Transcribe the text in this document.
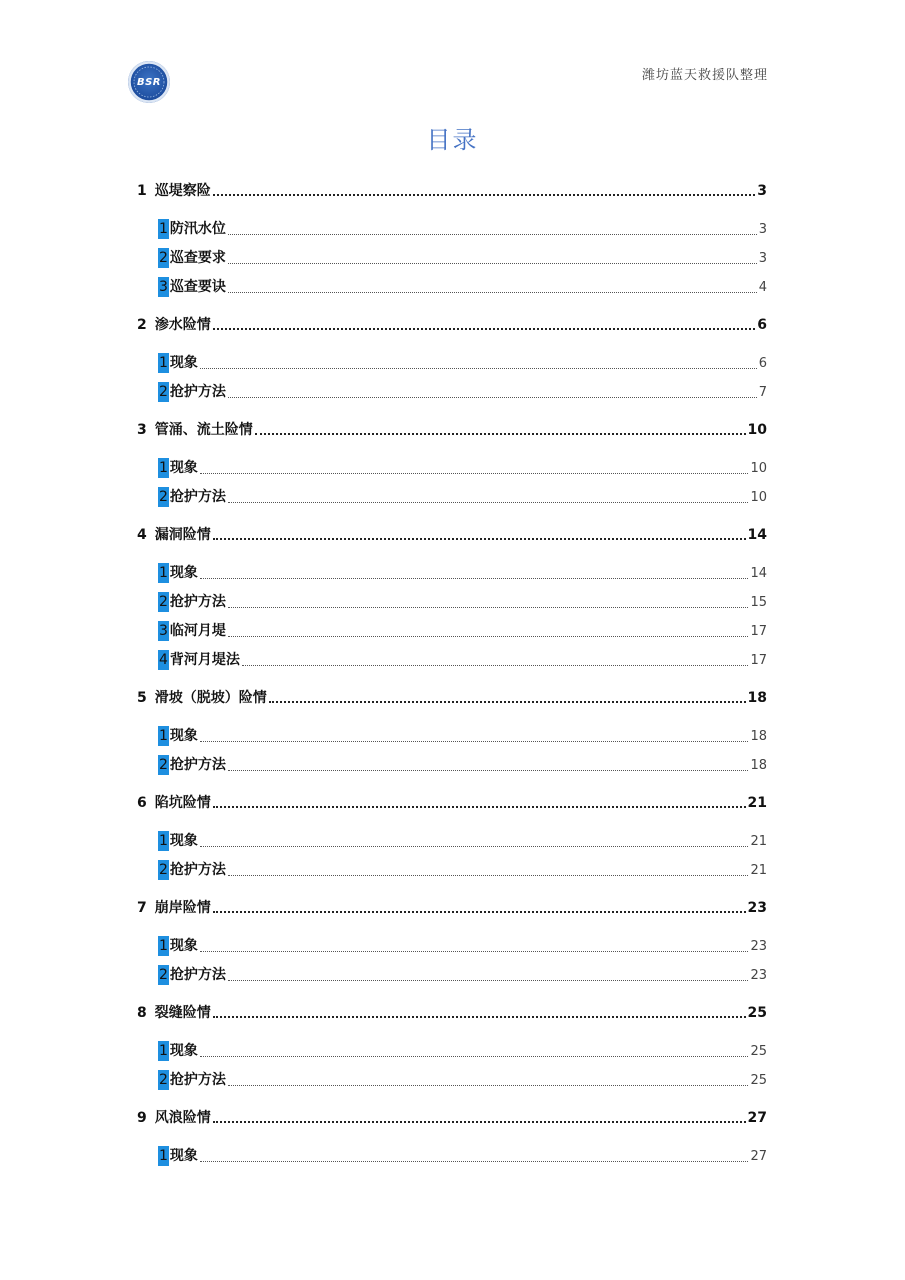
BSR	潍坊蓝天救援队整理
目录
1 巡堤察险	3
1 防汛水位	3
2 巡查要求	3
3 巡查要诀	4
2 渗水险情	6
1 现象	6
2 抢护方法	7
3 管涌、流土险情	10
1 现象	10
2 抢护方法	10
4 漏洞险情	14
1 现象	14
2 抢护方法	15
3 临河月堤	17
4 背河月堤法	17
5 滑坡（脱坡）险情	18
1 现象	18
2 抢护方法	18
6 陷坑险情	21
1 现象	21
2 抢护方法	21
7 崩岸险情	23
1 现象	23
2 抢护方法	23
8 裂缝险情	25
1 现象	25
2 抢护方法	25
9 风浪险情	27
1 现象	27
